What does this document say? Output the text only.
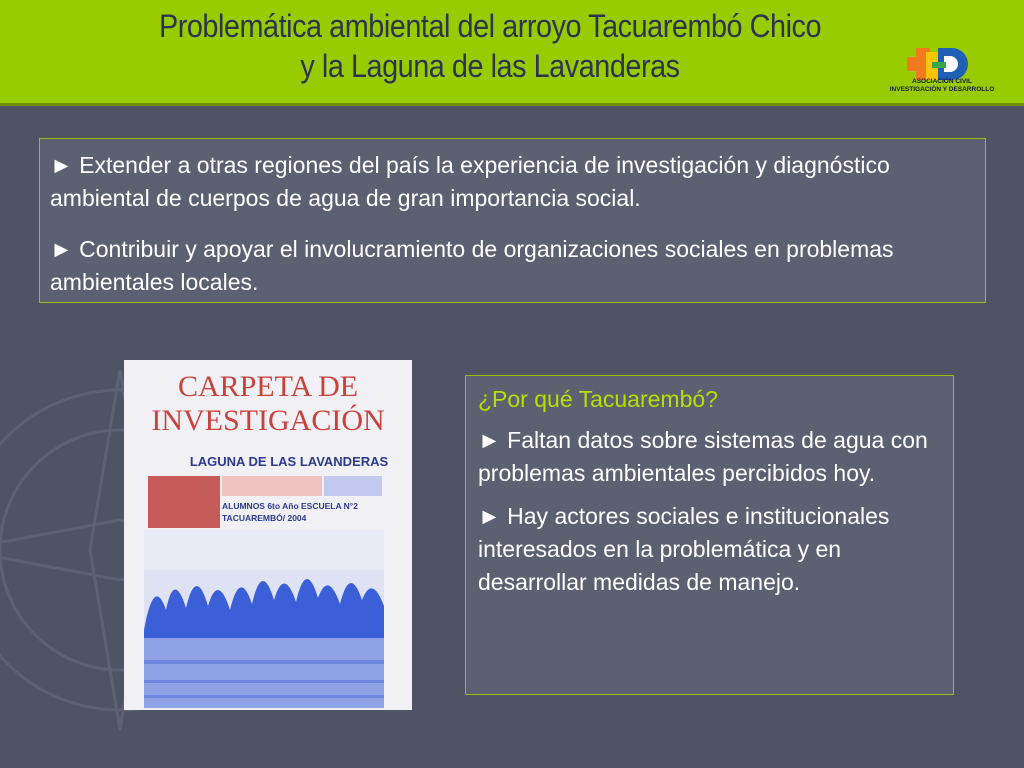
Problemática ambiental del arroyo Tacuarembó Chico
y la Laguna de las Lavanderas	ASOCIACIÓN CIVIL
INVESTIGACIÓN Y DESARROLLO

► Extender a otras regiones del país la experiencia de investigación y diagnóstico ambiental de cuerpos de agua de gran importancia social.

► Contribuir y apoyar el involucramiento de organizaciones sociales en problemas ambientales locales.

CARPETA DE
INVESTIGACIÓN
LAGUNA DE LAS LAVANDERAS
ALUMNOS 6to Año ESCUELA N°2
TACUAREMBÓ/ 2004
¿Por qué Tacuarembó?

► Faltan datos sobre sistemas de agua con problemas ambientales percibidos hoy.

► Hay actores sociales e institucionales interesados en la problemática y en desarrollar medidas de manejo.
